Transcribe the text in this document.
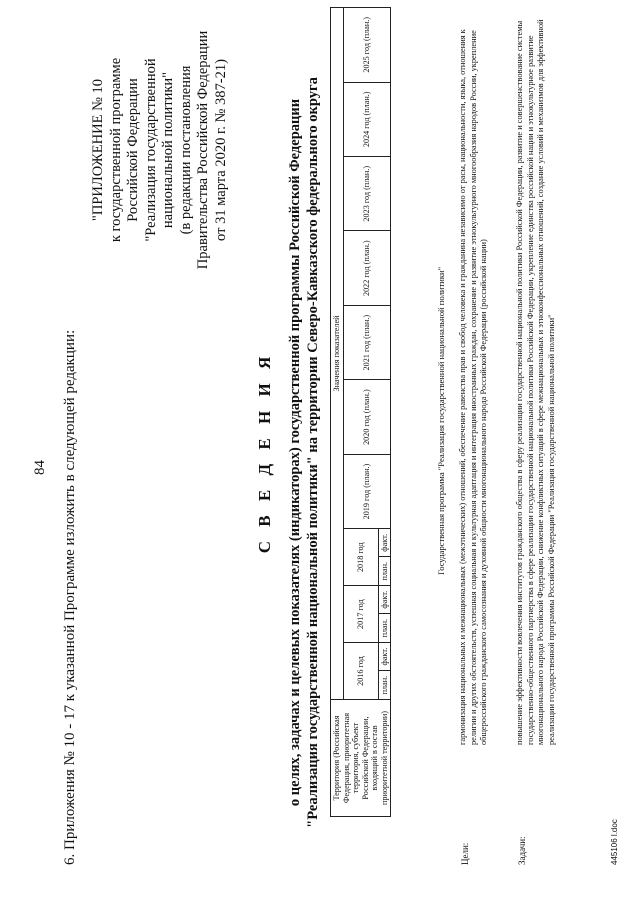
84 6. Приложения № 10 - 17 к указанной Программе изложить в следующей редакции:
"ПРИЛОЖЕНИЕ № 10 к государственной программе Российской Федерации "Реализация государственной национальной политики" (в редакции постановления Правительства Российской Федерации от 31 марта 2020 г. № 387-21)
С В Е Д Е Н И Я о целях, задачах и целевых показателях (индикаторах) государственной программы Российской Федерации "Реализация государственной национальной политики" на территории Северо-Кавказского федерального округа Территория (Российская Федерация, приоритетная территория, субъект Российской Федерации, входящий в состав приоритетной территории)	Значения показателей												
	2016 год		2017 год		2018 год		2019 год (план.)	2020 год (план.)	2021 год (план.)	2022 год (план.)	2023 год (план.)	2024 год (план.)	2025 год (план.)
	план.	факт.	план.	факт.	план.	факт.								Государственная программа "Реализация государственной национальной политики"
Цели:
гармонизация национальных и межнациональных (межэтнических) отношений, обеспечение равенства прав и свобод человека и гражданина независимо от расы, национальности, языка, отношения к религии и других обстоятельств, успешная социальная и культурная адаптация и интеграция иностранных граждан, сохранение и развитие этнокультурного многообразия народов России, укрепление общероссийского гражданского самосознания и духовной общности многонационального народа Российской Федерации (российской нации)
Задачи:
повышение эффективности вовлечения институтов гражданского общества в сферу реализации государственной национальной политики Российской Федерации, развитие и совершенствование системы государственно-общественного партнерства в сфере реализации государственной национальной политики Российской Федерации, укрепление единства российской нации и этнокультурное развитие многонационального народа Российской Федерации, снижение конфликтных ситуаций в сфере межнациональных и этноконфессиональных отношений, создание условий и механизмов для эффективной реализации государственной программы Российской Федерации "Реализация государственной национальной политики"
445106 l.doc
